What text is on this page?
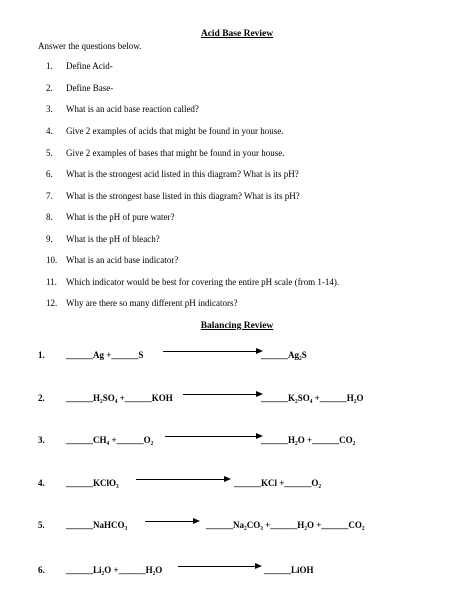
Acid Base Review
Answer the questions below.
1. Define Acid-
2. Define Base-
3. What is an acid base reaction called?
4. Give 2 examples of acids that might be found in your house.
5. Give 2 examples of bases that might be found in your house.
6. What is the strongest acid listed in this diagram? What is its pH?
7. What is the strongest base listed in this diagram? What is its pH?
8. What is the pH of pure water?
9. What is the pH of bleach?
10. What is an acid base indicator?
11. Which indicator would be best for covering the entire pH scale (from 1-14).
12. Why are there so many different pH indicators?
Balancing Review
1. ______Ag +______S	______Ag₂S
2. ______H₂SO₄ +______KOH	______K₂SO₄ +______H₂O
3. ______CH₄ +______O₂	______H₂O +______CO₂
4. ______KClO₃	______KCl +______O₂
5. ______NaHCO₃	______Na₂CO₃ +______H₂O +______CO₂
6. ______Li₂O +______H₂O	______LiOH
